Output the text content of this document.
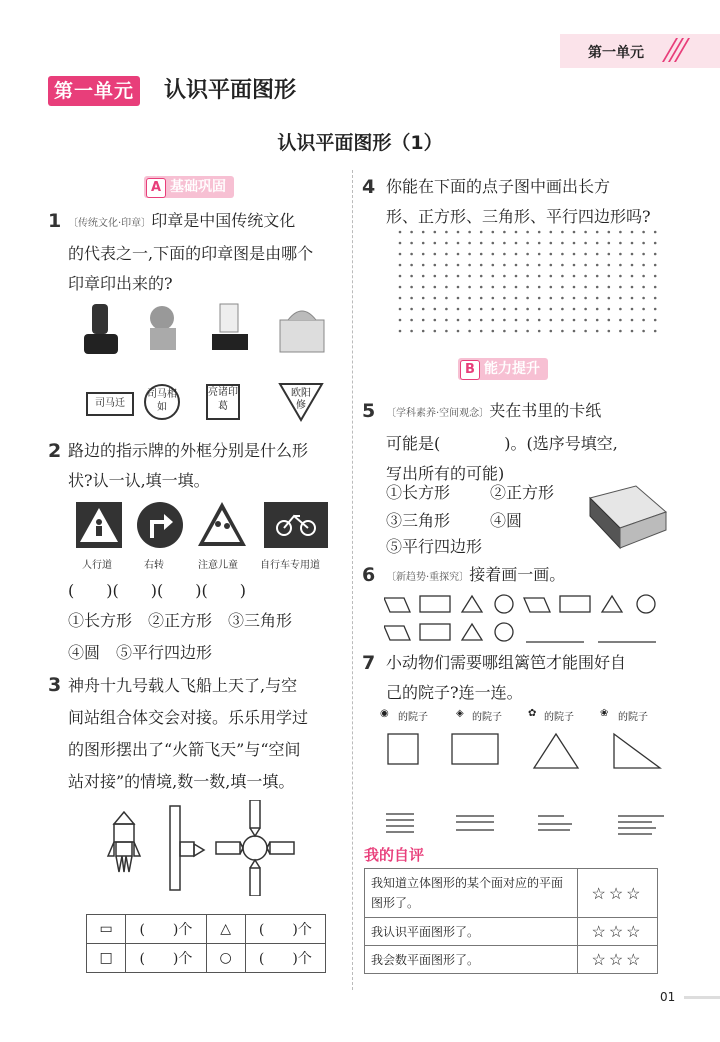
第一单元
第一单元 认识平面图形
认识平面图形（1）
A 基础巩固
1 〔传统文化·印章〕印章是中国传统文化
的代表之一,下面的印章图是由哪个
印章印出来的?
司马迁
司马相如
亮诸印葛
欧阳修
2 路边的指示牌的外框分别是什么形
状?认一认,填一填。
人行道	右转	注意儿童 自行车专用道
(　　)(　　)(　　)(　　)
①长方形　②正方形　③三角形
④圆　⑤平行四边形
3 神舟十九号载人飞船上天了,与空
间站组合体交会对接。乐乐用学过
的图形摆出了“火箭飞天”与“空间
站对接”的情境,数一数,填一填。
▭	(　　)个	△	(　　)个
□	(　　)个	○	(　　)个
4 你能在下面的点子图中画出长方
形、正方形、三角形、平行四边形吗?
B 能力提升
5 〔学科素养·空间观念〕夹在书里的卡纸
可能是(　　　　)。(选序号填空,
写出所有的可能)
①长方形 ②正方形
③三角形 ④圆
⑤平行四边形
6 〔新趋势·重探究〕接着画一画。
7 小动物们需要哪组篱笆才能围好自
己的院子?连一连。
◉ 的院子	◈ 的院子	✿ 的院子	❀ 的院子
我的自评
我知道立体图形的某个面对应的平面图形了。	☆☆☆
我认识平面图形了。	☆☆☆
我会数平面图形了。	☆☆☆
01
